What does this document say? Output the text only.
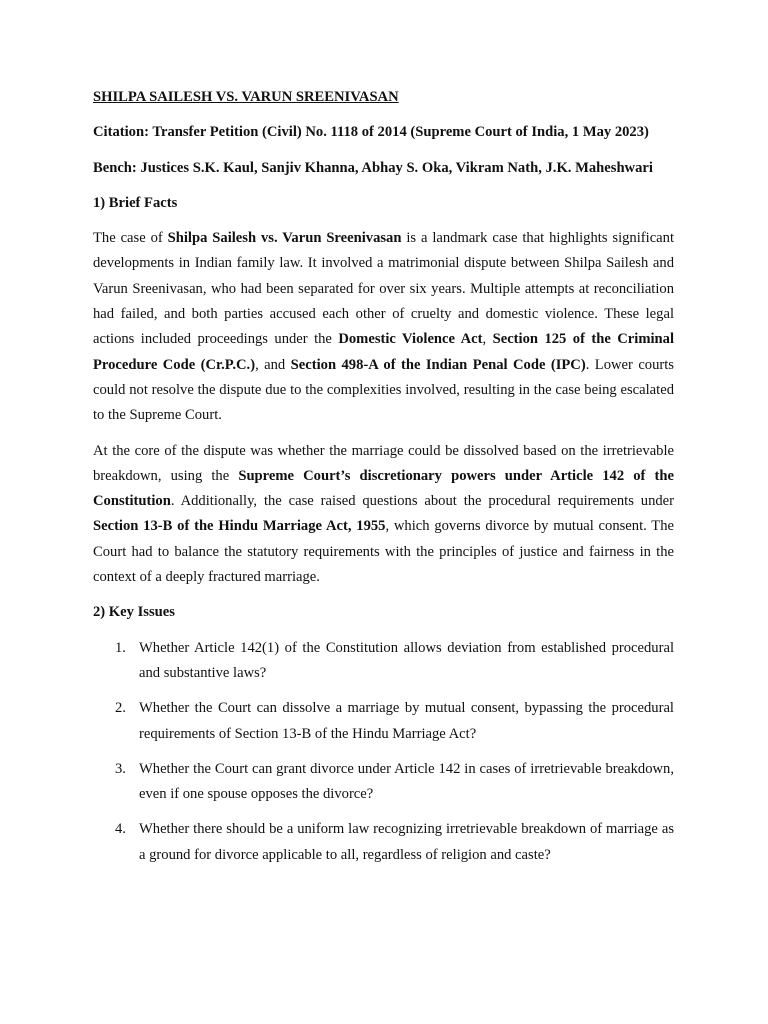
SHILPA SAILESH VS. VARUN SREENIVASAN

Citation: Transfer Petition (Civil) No. 1118 of 2014 (Supreme Court of India, 1 May 2023)

Bench: Justices S.K. Kaul, Sanjiv Khanna, Abhay S. Oka, Vikram Nath, J.K. Maheshwari

1) Brief Facts

The case of Shilpa Sailesh vs. Varun Sreenivasan is a landmark case that highlights significant developments in Indian family law. It involved a matrimonial dispute between Shilpa Sailesh and Varun Sreenivasan, who had been separated for over six years. Multiple attempts at reconciliation had failed, and both parties accused each other of cruelty and domestic violence. These legal actions included proceedings under the Domestic Violence Act, Section 125 of the Criminal Procedure Code (Cr.P.C.), and Section 498-A of the Indian Penal Code (IPC). Lower courts could not resolve the dispute due to the complexities involved, resulting in the case being escalated to the Supreme Court.

At the core of the dispute was whether the marriage could be dissolved based on the irretrievable breakdown, using the Supreme Court’s discretionary powers under Article 142 of the Constitution. Additionally, the case raised questions about the procedural requirements under Section 13-B of the Hindu Marriage Act, 1955, which governs divorce by mutual consent. The Court had to balance the statutory requirements with the principles of justice and fairness in the context of a deeply fractured marriage.

2) Key Issues

1. Whether Article 142(1) of the Constitution allows deviation from established procedural and substantive laws?
2. Whether the Court can dissolve a marriage by mutual consent, bypassing the procedural requirements of Section 13-B of the Hindu Marriage Act?
3. Whether the Court can grant divorce under Article 142 in cases of irretrievable breakdown, even if one spouse opposes the divorce?
4. Whether there should be a uniform law recognizing irretrievable breakdown of marriage as a ground for divorce applicable to all, regardless of religion and caste?
